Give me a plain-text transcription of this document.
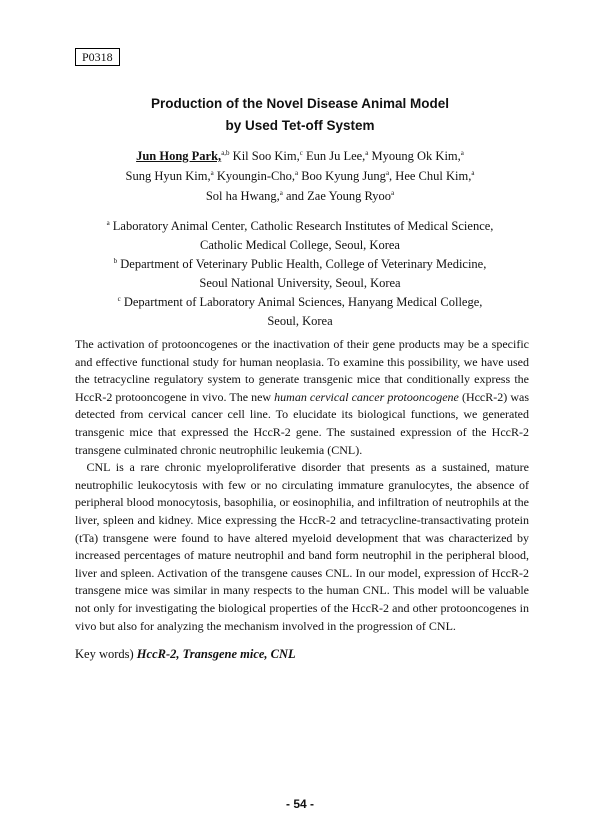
P0318
Production of the Novel Disease Animal Model
by Used Tet-off System
Jun Hong Park,$^{a,b}$ Kil Soo Kim,$^c$ Eun Ju Lee,$^a$ Myoung Ok Kim,$^a$
Sung Hyun Kim,$^a$ Kyoungin-Cho,$^a$ Boo Kyung Jung$^a$, Hee Chul Kim,$^a$
Sol ha Hwang,$^a$ and Zae Young Ryoo$^a$
$^a$ Laboratory Animal Center, Catholic Research Institutes of Medical Science,
Catholic Medical College, Seoul, Korea
$^b$ Department of Veterinary Public Health, College of Veterinary Medicine,
Seoul National University, Seoul, Korea
$^c$ Department of Laboratory Animal Sciences, Hanyang Medical College,
Seoul, Korea

The activation of protooncogenes or the inactivation of their gene products may be a specific and effective functional study for human neoplasia. To examine this possibility, we have used the tetracycline regulatory system to generate transgenic mice that conditionally express the HccR-2 protooncogene in vivo. The new human cervical cancer protooncogene (HccR-2) was detected from cervical cancer cell line. To elucidate its biological functions, we generated transgenic mice that expressed the HccR-2 gene. The sustained expression of the HccR-2 transgene culminated chronic neutrophilic leukemia (CNL).

CNL is a rare chronic myeloproliferative disorder that presents as a sustained, mature neutrophilic leukocytosis with few or no circulating immature granulocytes, the absence of peripheral blood monocytosis, basophilia, or eosinophilia, and infiltration of neutrophils at the liver, spleen and kidney. Mice expressing the HccR-2 and tetracycline-transactivating protein (tTa) transgene were found to have altered myeloid development that was characterized by increased percentages of mature neutrophil and band form neutrophil in the peripheral blood, liver and spleen. Activation of the transgene causes CNL. In our model, expression of HccR-2 transgene mice was similar in many respects to the human CNL. This model will be valuable not only for investigating the biological properties of the HccR-2 and other protooncogenes in vivo but also for analyzing the mechanism involved in the progression of CNL.

Key words) HccR-2, Transgene mice, CNL
- 54 -
